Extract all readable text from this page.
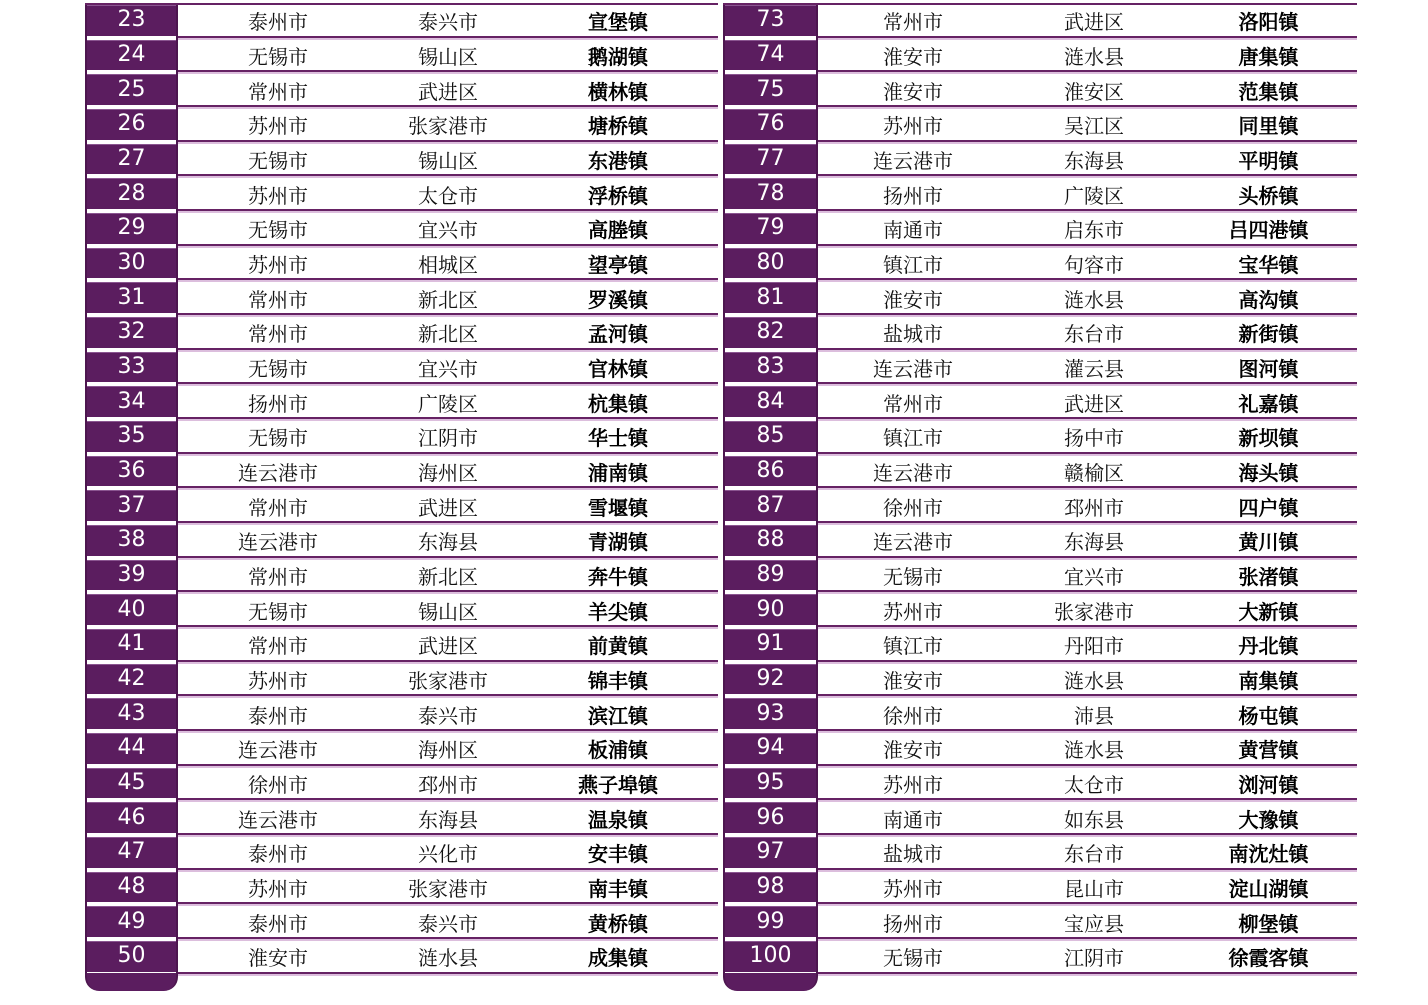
23	泰州市	泰兴市	宣堡镇
24	无锡市	锡山区	鹅湖镇
25	常州市	武进区	横林镇
26	苏州市	张家港市	塘桥镇
27	无锡市	锡山区	东港镇
28	苏州市	太仓市	浮桥镇
29	无锡市	宜兴市	高塍镇
30	苏州市	相城区	望亭镇
31	常州市	新北区	罗溪镇
32	常州市	新北区	孟河镇
33	无锡市	宜兴市	官林镇
34	扬州市	广陵区	杭集镇
35	无锡市	江阴市	华士镇
36	连云港市	海州区	浦南镇
37	常州市	武进区	雪堰镇
38	连云港市	东海县	青湖镇
39	常州市	新北区	奔牛镇
40	无锡市	锡山区	羊尖镇
41	常州市	武进区	前黄镇
42	苏州市	张家港市	锦丰镇
43	泰州市	泰兴市	滨江镇
44	连云港市	海州区	板浦镇
45	徐州市	邳州市	燕子埠镇
46	连云港市	东海县	温泉镇
47	泰州市	兴化市	安丰镇
48	苏州市	张家港市	南丰镇
49	泰州市	泰兴市	黄桥镇
50	淮安市	涟水县	成集镇
73	常州市	武进区	洛阳镇
74	淮安市	涟水县	唐集镇
75	淮安市	淮安区	范集镇
76	苏州市	吴江区	同里镇
77	连云港市	东海县	平明镇
78	扬州市	广陵区	头桥镇
79	南通市	启东市	吕四港镇
80	镇江市	句容市	宝华镇
81	淮安市	涟水县	高沟镇
82	盐城市	东台市	新街镇
83	连云港市	灌云县	图河镇
84	常州市	武进区	礼嘉镇
85	镇江市	扬中市	新坝镇
86	连云港市	赣榆区	海头镇
87	徐州市	邳州市	四户镇
88	连云港市	东海县	黄川镇
89	无锡市	宜兴市	张渚镇
90	苏州市	张家港市	大新镇
91	镇江市	丹阳市	丹北镇
92	淮安市	涟水县	南集镇
93	徐州市	沛县	杨屯镇
94	淮安市	涟水县	黄营镇
95	苏州市	太仓市	浏河镇
96	南通市	如东县	大豫镇
97	盐城市	东台市	南沈灶镇
98	苏州市	昆山市	淀山湖镇
99	扬州市	宝应县	柳堡镇
100	无锡市	江阴市	徐霞客镇
